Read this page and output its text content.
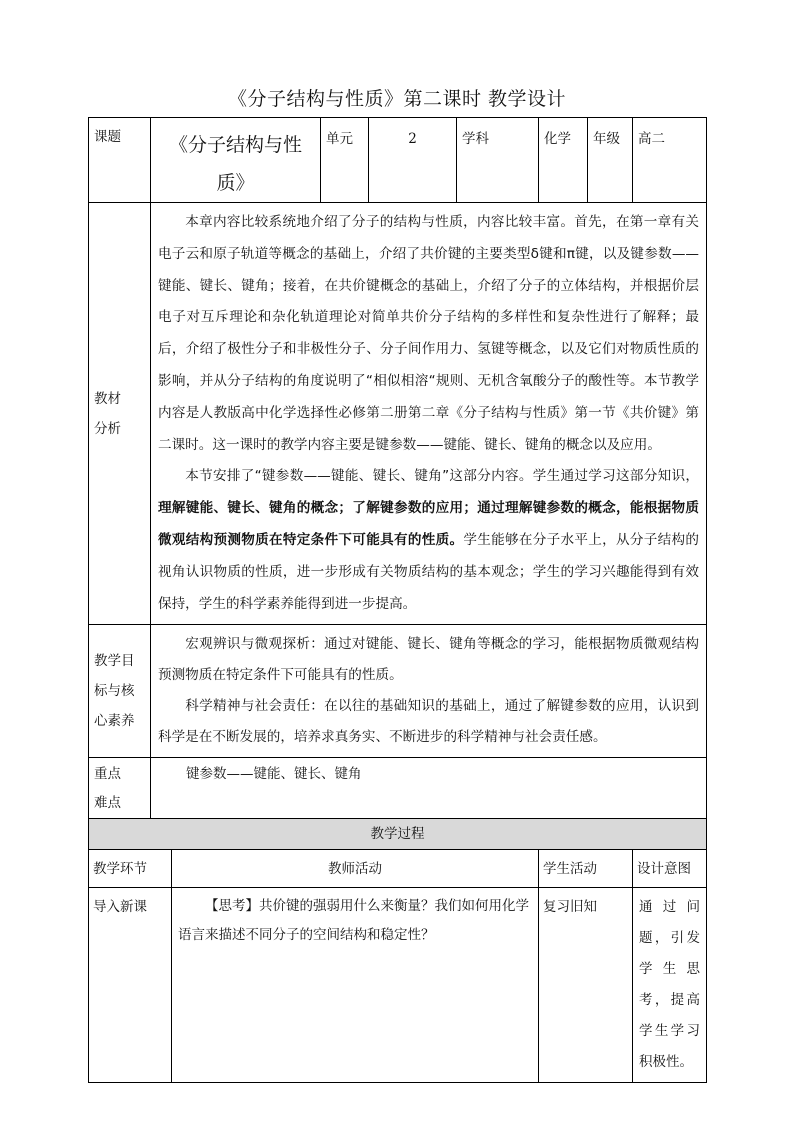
《分子结构与性质》第二课时 教学设计
课题	《分子结构与性质》		单元	2	学科	化学	年级	高二
教材分析	本章内容比较系统地介绍了分子的结构与性质，内容比较丰富。首先，在第一章有关电子云和原子轨道等概念的基础上，介绍了共价键的主要类型δ键和π键，以及键参数——键能、键长、键角；接着，在共价键概念的基础上，介绍了分子的立体结构，并根据价层电子对互斥理论和杂化轨道理论对简单共价分子结构的多样性和复杂性进行了解释；最后，介绍了极性分子和非极性分子、分子间作用力、氢键等概念，以及它们对物质性质的影响，并从分子结构的角度说明了“相似相溶“规则、无机含氧酸分子的酸性等。本节教学内容是人教版高中化学选择性必修第二册第二章《分子结构与性质》第一节《共价键》第二课时。这一课时的教学内容主要是键参数——键能、键长、键角的概念以及应用。

本节安排了“键参数——键能、键长、键角”这部分内容。学生通过学习这部分知识，理解键能、键长、键角的概念；了解键参数的应用；通过理解键参数的概念，能根据物质微观结构预测物质在特定条件下可能具有的性质。学生能够在分子水平上，从分子结构的视角认识物质的性质，进一步形成有关物质结构的基本观念；学生的学习兴趣能得到有效保持，学生的科学素养能得到进一步提高。							

教学目标与核心素养	宏观辨识与微观探析：通过对键能、键长、键角等概念的学习，能根据物质微观结构预测物质在特定条件下可能具有的性质。

科学精神与社会责任：在以往的基础知识的基础上，通过了解键参数的应用，认识到科学是在不断发展的，培养求真务实、不断进步的科学精神与社会责任感。							

重点难点	键参数——键能、键长、键角							
教学过程								
教学环节		教师活动				学生活动		设计意图
导入新课		【思考】共价键的强弱用什么来衡量？我们如何用化学语言来描述不同分子的空间结构和稳定性？				复习旧知		通过问题，引发学生思考，提高学生学习积极性。
